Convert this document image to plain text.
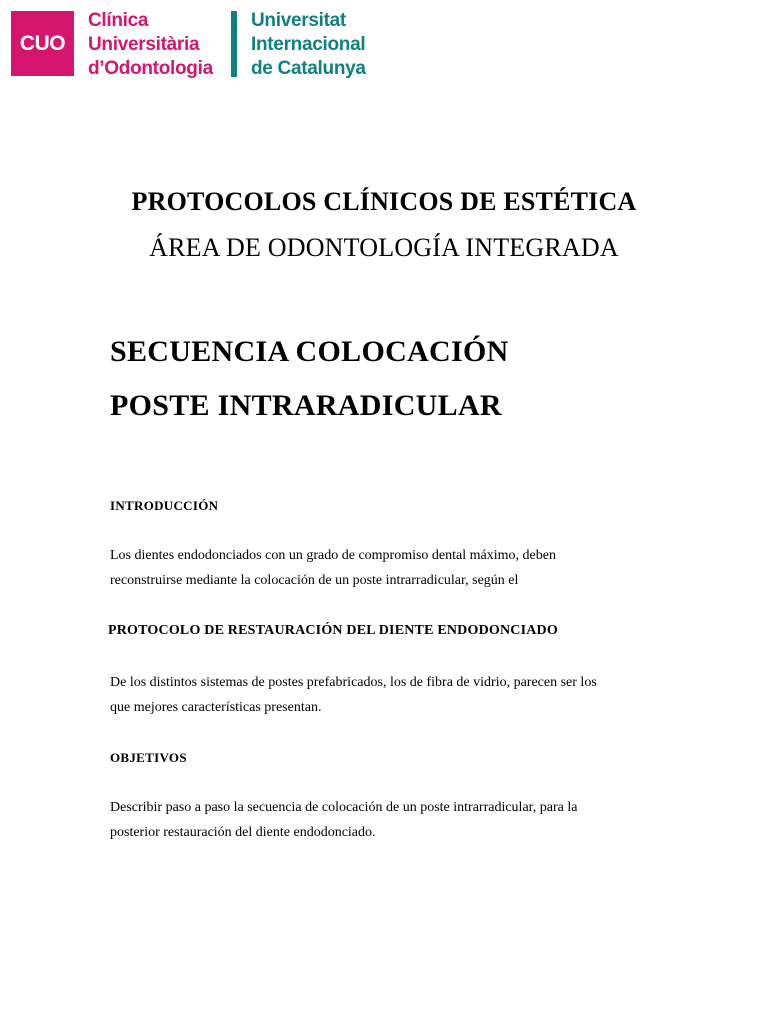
CUO
Clínica
Universitària
d’Odontologia
Universitat
Internacional
de Catalunya
PROTOCOLOS CLÍNICOS DE ESTÉTICA
ÁREA DE ODONTOLOGÍA INTEGRADA
SECUENCIA COLOCACIÓN
POSTE INTRARADICULAR
INTRODUCCIÓN
Los dientes endodonciados con un grado de compromiso dental máximo, deben
reconstruirse mediante la colocación de un poste intrarradicular, según el
PROTOCOLO DE RESTAURACIÓN DEL DIENTE ENDODONCIADO
De los distintos sistemas de postes prefabricados, los de fibra de vidrio, parecen ser los
que mejores características presentan.
OBJETIVOS
Describir paso a paso la secuencia de colocación de un poste intrarradicular, para la
posterior restauración del diente endodonciado.
